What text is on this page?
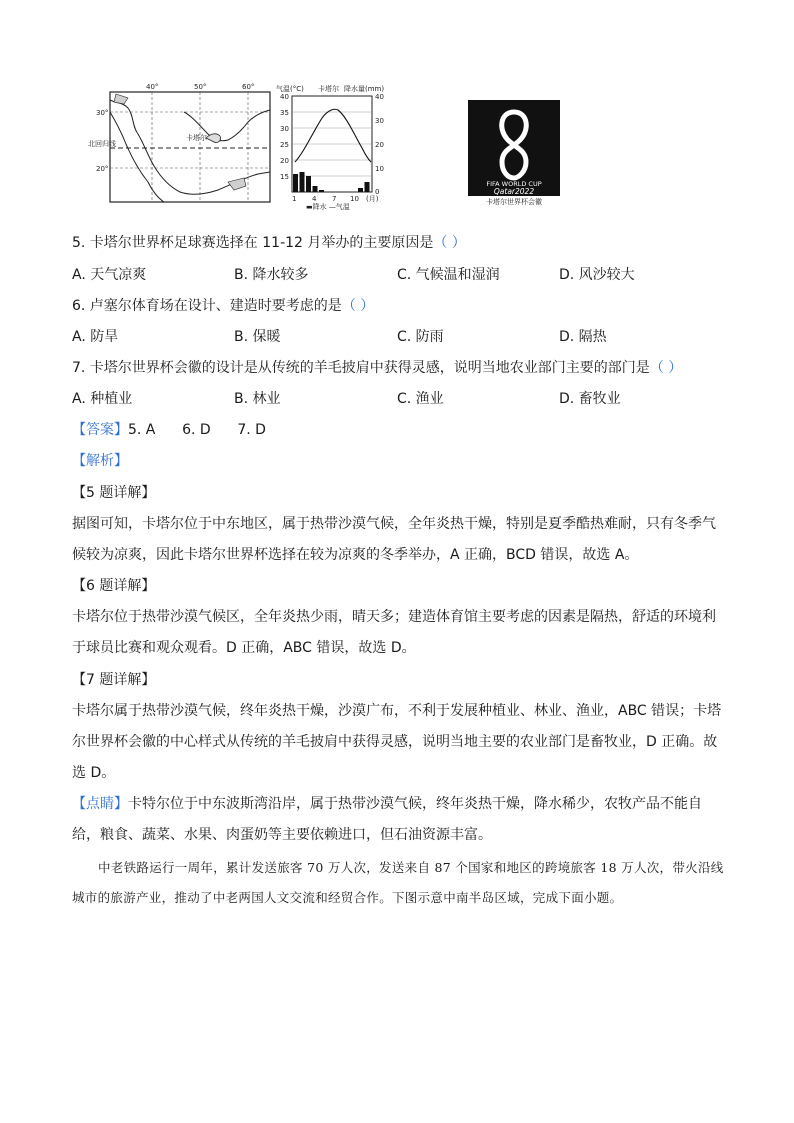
40°	50°	60°
30°
20°
北回归线
卡塔尔
气温(°C) 卡塔尔 降水量(mm)
40
35
30
25
20
15
40
30
20
10
0
1 4 7 10 (月)
▬降水 —气温
FIFA WORLD CUP
Qatar2022
卡塔尔世界杯会徽
5. 卡塔尔世界杯足球赛选择在 11-12 月举办的主要原因是（ ）
A. 天气凉爽	B. 降水较多	C. 气候温和湿润	D. 风沙较大
6. 卢塞尔体育场在设计、建造时要考虑的是（ ）
A. 防旱	B. 保暖	C. 防雨	D. 隔热
7. 卡塔尔世界杯会徽的设计是从传统的羊毛披肩中获得灵感，说明当地农业部门主要的部门是（ ）
A. 种植业	B. 林业	C. 渔业	D. 畜牧业
【答案】5. A      6. D      7. D
【解析】
【5 题详解】
据图可知，卡塔尔位于中东地区，属于热带沙漠气候，全年炎热干燥，特别是夏季酷热难耐，只有冬季气候较为凉爽，因此卡塔尔世界杯选择在较为凉爽的冬季举办，A 正确，BCD 错误，故选 A。
【6 题详解】
卡塔尔位于热带沙漠气候区，全年炎热少雨，晴天多；建造体育馆主要考虑的因素是隔热，舒适的环境利于球员比赛和观众观看。D 正确，ABC 错误，故选 D。
【7 题详解】
卡塔尔属于热带沙漠气候，终年炎热干燥，沙漠广布，不利于发展种植业、林业、渔业，ABC 错误；卡塔尔世界杯会徽的中心样式从传统的羊毛披肩中获得灵感，说明当地主要的农业部门是畜牧业，D 正确。故选 D。
【点睛】卡特尔位于中东波斯湾沿岸，属于热带沙漠气候，终年炎热干燥，降水稀少，农牧产品不能自给，粮食、蔬菜、水果、肉蛋奶等主要依赖进口，但石油资源丰富。
中老铁路运行一周年，累计发送旅客 70 万人次，发送来自 87 个国家和地区的跨境旅客 18 万人次，带火沿线城市的旅游产业，推动了中老两国人文交流和经贸合作。下图示意中南半岛区域，完成下面小题。
